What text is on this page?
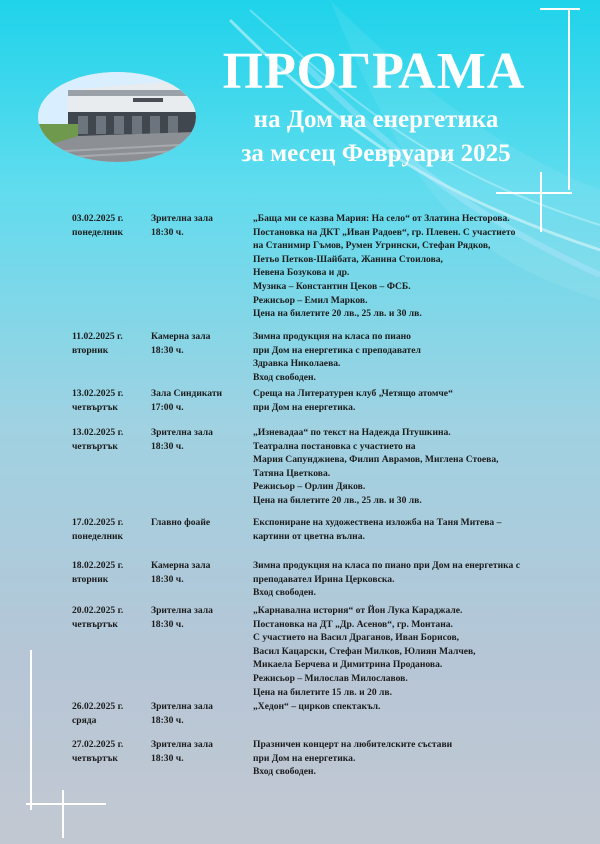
ПРОГРАМА
на Дом на енергетика
за месец Февруари 2025
03.02.2025 г.
понеделник
Зрителна зала
18:30 ч.
„Баща ми се казва Мария: На село“ от Златина Несторова.
Постановка на ДКТ „Иван Радоев“, гр. Плевен. С участието
на Станимир Гъмов, Румен Угрински, Стефан Рядков,
Петьо Петков-Шайбата, Жанина Стоилова,
Невена Бозукова и др.
Музика – Константин Цеков – ФСБ.
Режисьор – Емил Марков.
Цена на билетите 20 лв., 25 лв. и 30 лв.
11.02.2025 г.
вторник
Камерна зала
18:30 ч.
Зимна продукция на класа по пиано
при Дом на енергетика с преподавател
Здравка Николаева.
Вход свободен.
13.02.2025 г.
четвъртък
Зала Синдикати
17:00 ч.
Среща на Литературен клуб „Четящо атомче“
при Дом на енергетика.
13.02.2025 г.
четвъртък
Зрителна зала
18:30 ч.
„Изневадаа“ по текст на Надежда Птушкина.
Театрална постановка с участието на
Мария Сапунджиева, Филип Аврамов, Миглена Стоева,
Татяна Цветкова.
Режисьор – Орлин Дяков.
Цена на билетите 20 лв., 25 лв. и 30 лв.
17.02.2025 г.
понеделник
Главно фоайе	Експониране на художествена изложба на Таня Митева –
картини от цветна вълна.
18.02.2025 г.
вторник
Камерна зала
18:30 ч.
Зимна продукция на класа по пиано при Дом на енергетика с
преподавател Ирина Церковска.
Вход свободен.
20.02.2025 г.
четвъртък
Зрителна зала
18:30 ч.
„Карнавална история“ от Йон Лука Караджале.
Постановка на ДТ „Др. Асенов“, гр. Монтана.
С участието на Васил Драганов, Иван Борисов,
Васил Кацарски, Стефан Милков, Юлиян Малчев,
Микаела Берчева и Димитрина Проданова.
Режисьор – Милослав Милославов.
Цена на билетите 15 лв. и 20 лв.
26.02.2025 г.
сряда
Зрителна зала
18:30 ч.
„Хедон“ – цирков спектакъл.
27.02.2025 г.
четвъртък
Зрителна зала
18:30 ч.
Празничен концерт на любителските състави
при Дом на енергетика.
Вход свободен.
